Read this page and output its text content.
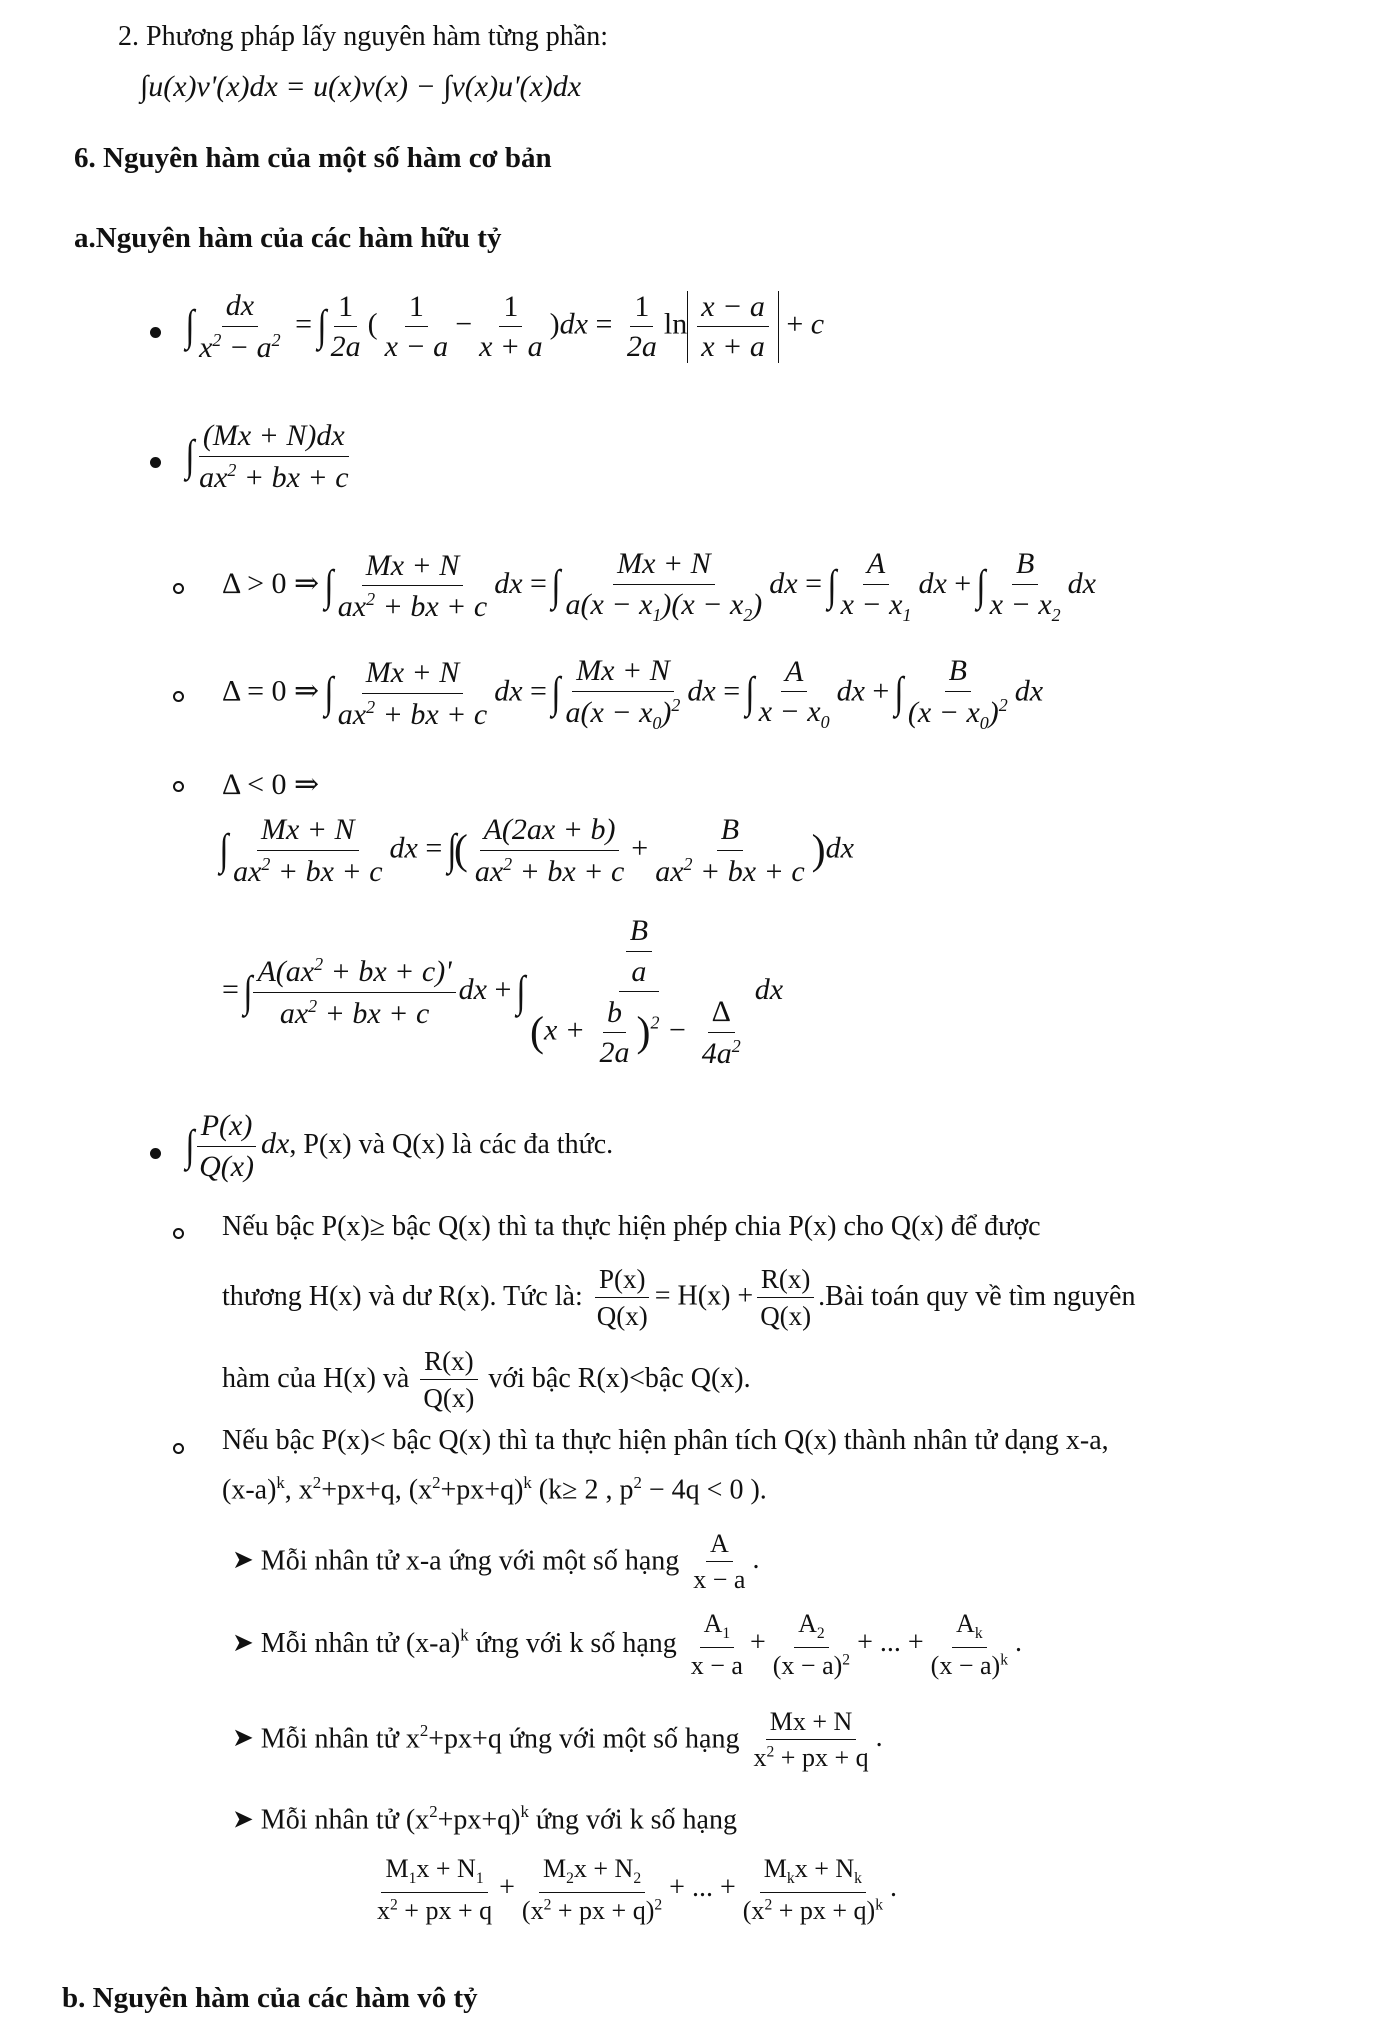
2. Phương pháp lấy nguyên hàm từng phần:
∫u(x)v'(x)dx = u(x)v(x) − ∫v(x)u'(x)dx
6. Nguyên hàm của một số hàm cơ bản
a.Nguyên hàm của các hàm hữu tỷ
∫ $\frac{dx}{x^2 - a^2}$ = ∫ $\frac{1}{2a}$ ( $\frac{1}{x - a} - \frac{1}{x + a} )dx = \frac{1}{2a}$ $\ln \frac{x - a}{x + a} + c$
∫ $\frac{(Mx + N)dx}{ax^2 + bx + c}$
Δ > 0 ⇒ ∫ $\frac{Mx + N}{ax^2 + bx + c}$ dx = ∫ $\frac{Mx + N}{a(x - x_1)(x - x_2)}$ dx = ∫ $\frac{A}{x - x_1}$ dx + ∫ $\frac{B}{x - x_2}$ dx
Δ = 0 ⇒ ∫ $\frac{Mx + N}{ax^2 + bx + c}$ dx = ∫ $\frac{Mx + N}{a(x - x_0)^2}$ dx = ∫ $\frac{A}{x - x_0}$ dx + ∫ $\frac{B}{(x - x_0)^2}$ dx
Δ < 0 ⇒
∫ $\frac{Mx + N}{ax^2 + bx + c}$ dx = ∫( $\frac{A(2ax + b)}{ax^2 + bx + c} + \frac{B}{ax^2 + bx + c} )dx$
= ∫ $\frac{A(ax^2 + bx + c)'}{ax^2 + bx + c}$ dx + ∫ $\frac{\frac{B}{a}}{(x + \frac{b}{2a} )^2 - \frac{\Delta}{4a^2}}$ dx
∫ $\frac{P(x)}{Q(x)}$ dx, P(x) và Q(x) là các đa thức.
Nếu bậc P(x)≥ bậc Q(x) thì ta thực hiện phép chia P(x) cho Q(x) để được
thương H(x) và dư R(x). Tức là: $\frac{P(x)}{Q(x)} = H(x) + \frac{R(x)}{Q(x)}$ .Bài toán quy về tìm nguyên
hàm của H(x) và $\frac{R(x)}{Q(x)}$ với bậc R(x)<bậc Q(x).
Nếu bậc P(x)< bậc Q(x) thì ta thực hiện phân tích Q(x) thành nhân tử dạng x-a,
$(x-a)^k$, $x^2+px+q$, $(x^2+px+q)^k$ (k≥ 2 , $p^2 - 4q < 0$ ).
➤ Mỗi nhân tử x-a ứng với một số hạng $\frac{A}{x - a}$ .
➤ Mỗi nhân tử $(x-a)^k$ ứng với k số hạng $\frac{A_1}{x - a} + \frac{A_2}{(x - a)^2}$ + ... + $\frac{A_k}{(x - a)^k}$ .
➤ Mỗi nhân tử $x^2+px+q$ ứng với một số hạng $\frac{Mx + N}{x^2 + px + q}$ .
➤ Mỗi nhân tử $(x^2+px+q)^k$ ứng với k số hạng
$\frac{M_1x + N_1}{x^2 + px + q} + \frac{M_2x + N_2}{(x^2 + px + q)^2}$ + ... +
$M_kx + N_k$
($x^2$ + px + q)$^k$
.
b. Nguyên hàm của các hàm vô tỷ
